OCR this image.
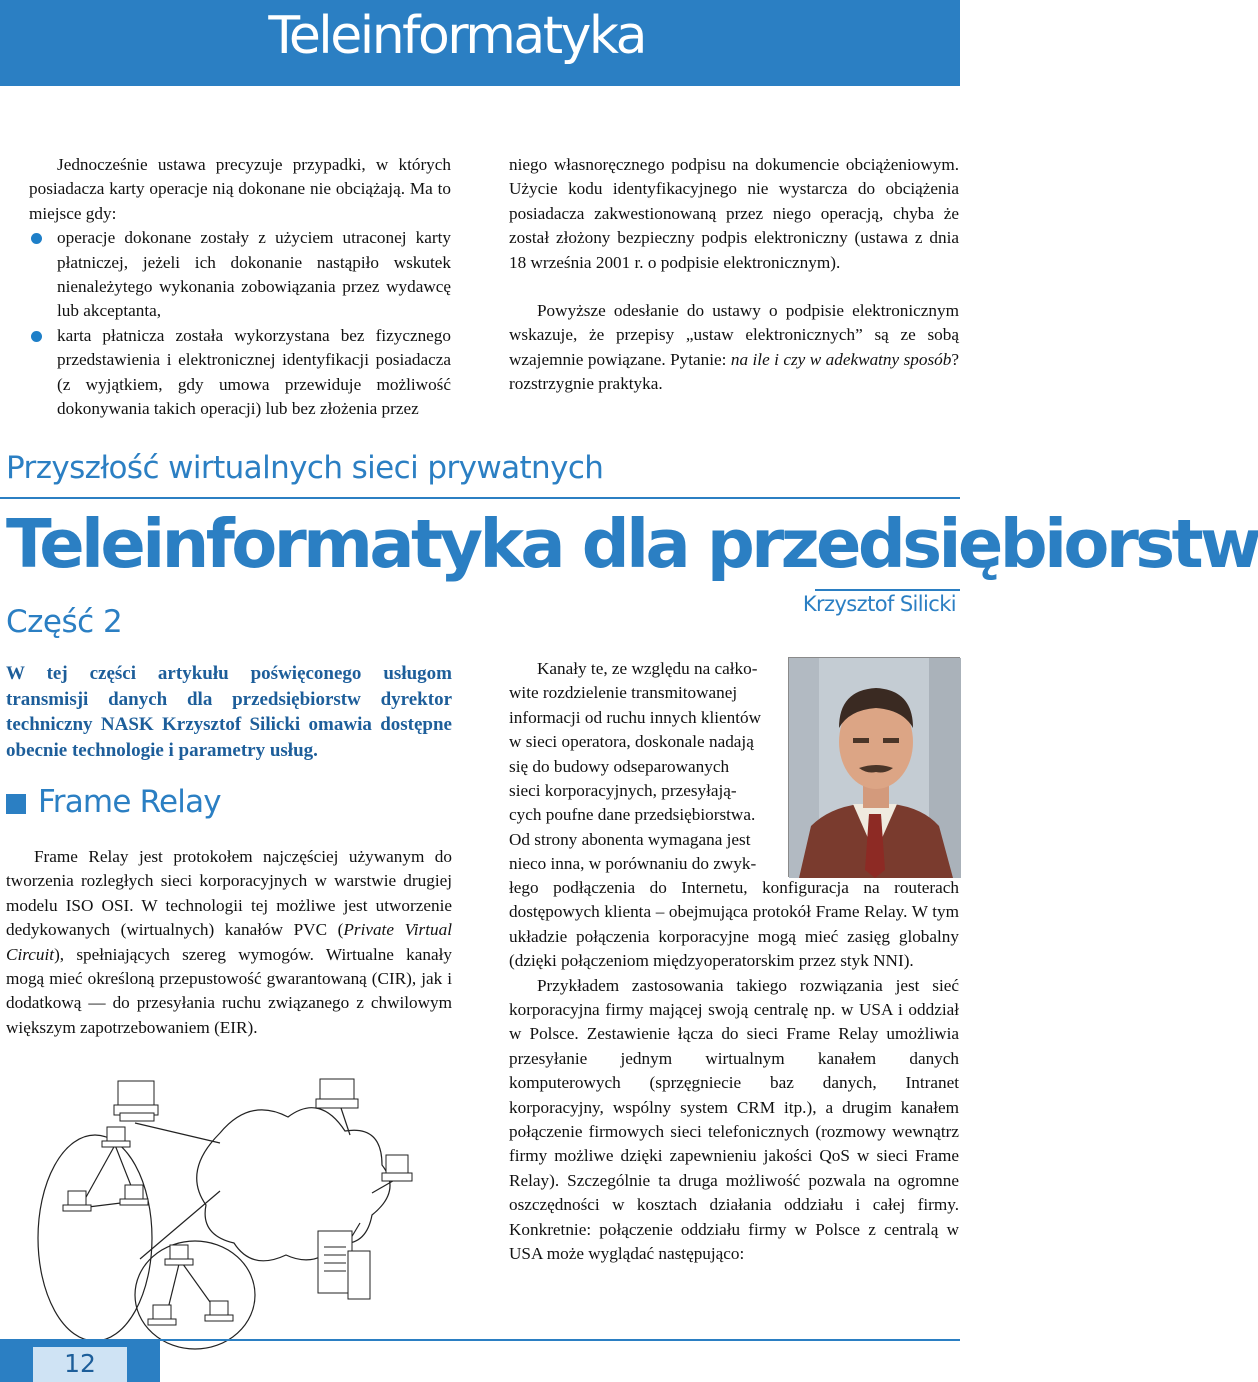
Teleinformatyka

Jednocześnie ustawa precyzuje przypadki, w których posiadacza karty operacje nią dokonane nie obciążają. Ma to miejsce gdy:

operacje dokonane zostały z użyciem utraconej karty płatniczej, jeżeli ich dokonanie nastąpiło wskutek nienależytego wykonania zobowiązania przez wydawcę lub akceptanta,

karta płatnicza została wykorzystana bez fizycznego przedstawienia i elektronicznej identyfikacji posiadacza (z wyjątkiem, gdy umowa przewiduje możliwość dokonywania takich operacji) lub bez złożenia przez

niego własnoręcznego podpisu na dokumencie obciążeniowym. Użycie kodu identyfikacyjnego nie wystarcza do obciążenia posiadacza zakwestionowaną przez niego operacją, chyba że został złożony bezpieczny podpis elektroniczny (ustawa z dnia 18 września 2001 r. o podpisie elektronicznym).

Powyższe odesłanie do ustawy o podpisie elektronicznym wskazuje, że przepisy „ustaw elektronicznych” są ze sobą wzajemnie powiązane. Pytanie: na ile i czy w adekwatny sposób? rozstrzygnie praktyka.

Przyszłość wirtualnych sieci prywatnych
Teleinformatyka dla przedsiębiorstw
Część 2	Krzysztof Silicki
W tej części artykułu poświęconego usługom transmisji danych dla przedsiębiorstw dyrektor techniczny NASK Krzysztof Silicki omawia dostępne obecnie technologie i parametry usług.
Frame Relay

Frame Relay jest protokołem najczęściej używanym do tworzenia rozległych sieci korporacyjnych w warstwie drugiej modelu ISO OSI. W technologii tej możliwe jest utworzenie dedykowanych (wirtualnych) kanałów PVC (Private Virtual Circuit), spełniających szereg wymogów. Wirtualne kanały mogą mieć określoną przepustowość gwarantowaną (CIR), jak i dodatkową — do przesyłania ruchu związanego z chwilowym większym zapotrzebowaniem (EIR).

Kanały te, ze względu na całko-

wite rozdzielenie transmitowanej

informacji od ruchu innych klientów

w sieci operatora, doskonale nadają

się do budowy odseparowanych

sieci korporacyjnych, przesyłają-

cych poufne dane przedsiębiorstwa.

Od strony abonenta wymagana jest

nieco inna, w porównaniu do zwyk-

łego podłączenia do Internetu, konfiguracja na routerach dostępowych klienta – obejmująca protokół Frame Relay. W tym układzie połączenia korporacyjne mogą mieć zasięg globalny (dzięki połączeniom międzyoperatorskim przez styk NNI).

Przykładem zastosowania takiego rozwiązania jest sieć korporacyjna firmy mającej swoją centralę np. w USA i oddział w Polsce. Zestawienie łącza do sieci Frame Relay umożliwia przesyłanie jednym wirtualnym kanałem danych komputerowych (sprzęgniecie baz danych, Intranet korporacyjny, wspólny system CRM itp.), a drugim kanałem połączenie firmowych sieci telefonicznych (rozmowy wewnątrz firmy możliwe dzięki zapewnieniu jakości QoS w sieci Frame Relay). Szczególnie ta druga możliwość pozwala na ogromne oszczędności w kosztach działania oddziału i całej firmy. Konkretnie: połączenie oddziału firmy w Polsce z centralą w USA może wyglądać następująco:

12
